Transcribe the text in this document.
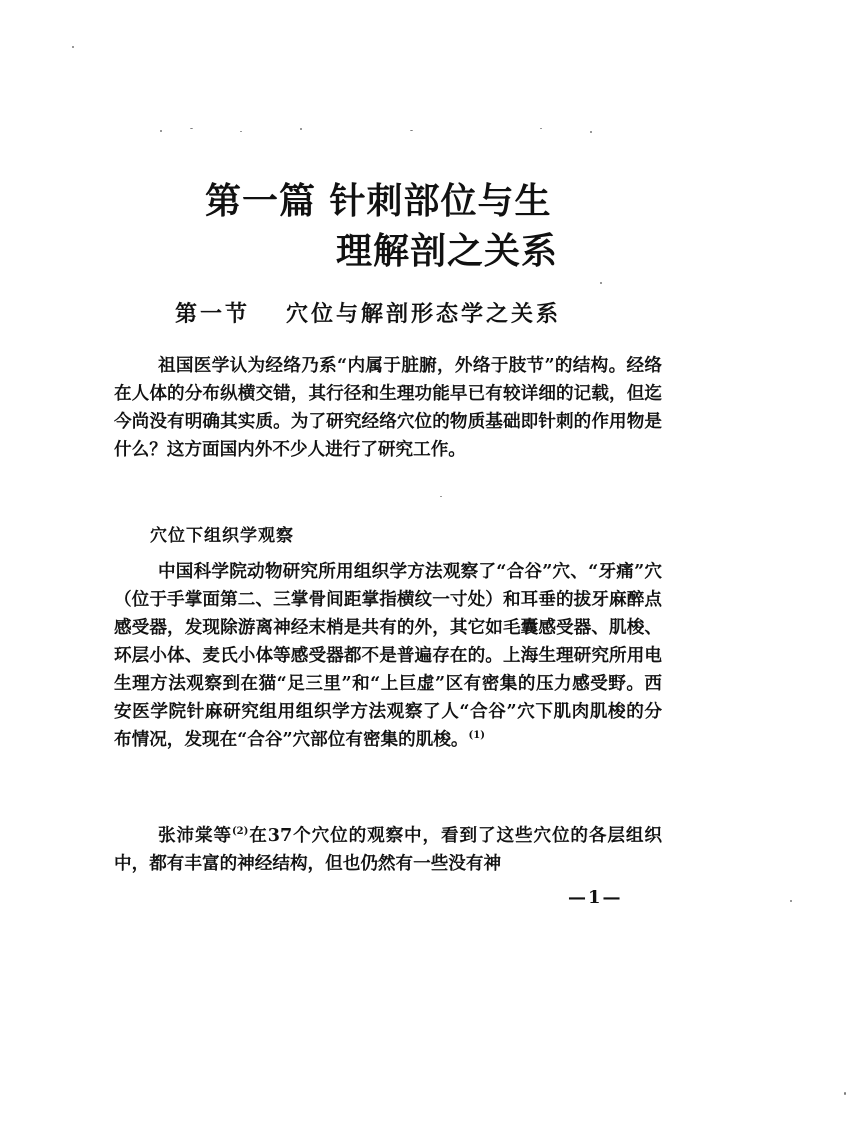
第一篇 针刺部位与生
理解剖之关系
第一节 穴位与解剖形态学之关系

祖国医学认为经络乃系“内属于脏腑，外络于肢节”的结构。经络在人体的分布纵横交错，其行径和生理功能早已有较详细的记载，但迄今尚没有明确其实质。为了研究经络穴位的物质基础即针刺的作用物是什么？这方面国内外不少人进行了研究工作。

穴位下组织学观察

中国科学院动物研究所用组织学方法观察了“合谷”穴、“牙痛”穴（位于手掌面第二、三掌骨间距掌指横纹一寸处）和耳垂的拔牙麻醉点感受器，发现除游离神经末梢是共有的外，其它如毛囊感受器、肌梭、环层小体、麦氏小体等感受器都不是普遍存在的。上海生理研究所用电生理方法观察到在猫“足三里”和“上巨虚”区有密集的压力感受野。西安医学院针麻研究组用组织学方法观察了人“合谷”穴下肌肉肌梭的分布情况，发现在“合谷”穴部位有密集的肌梭。$^{(1)}$

张沛棠等$^{(2)}$在37个穴位的观察中，看到了这些穴位的各层组织中，都有丰富的神经结构，但也仍然有一些没有神

—1—
